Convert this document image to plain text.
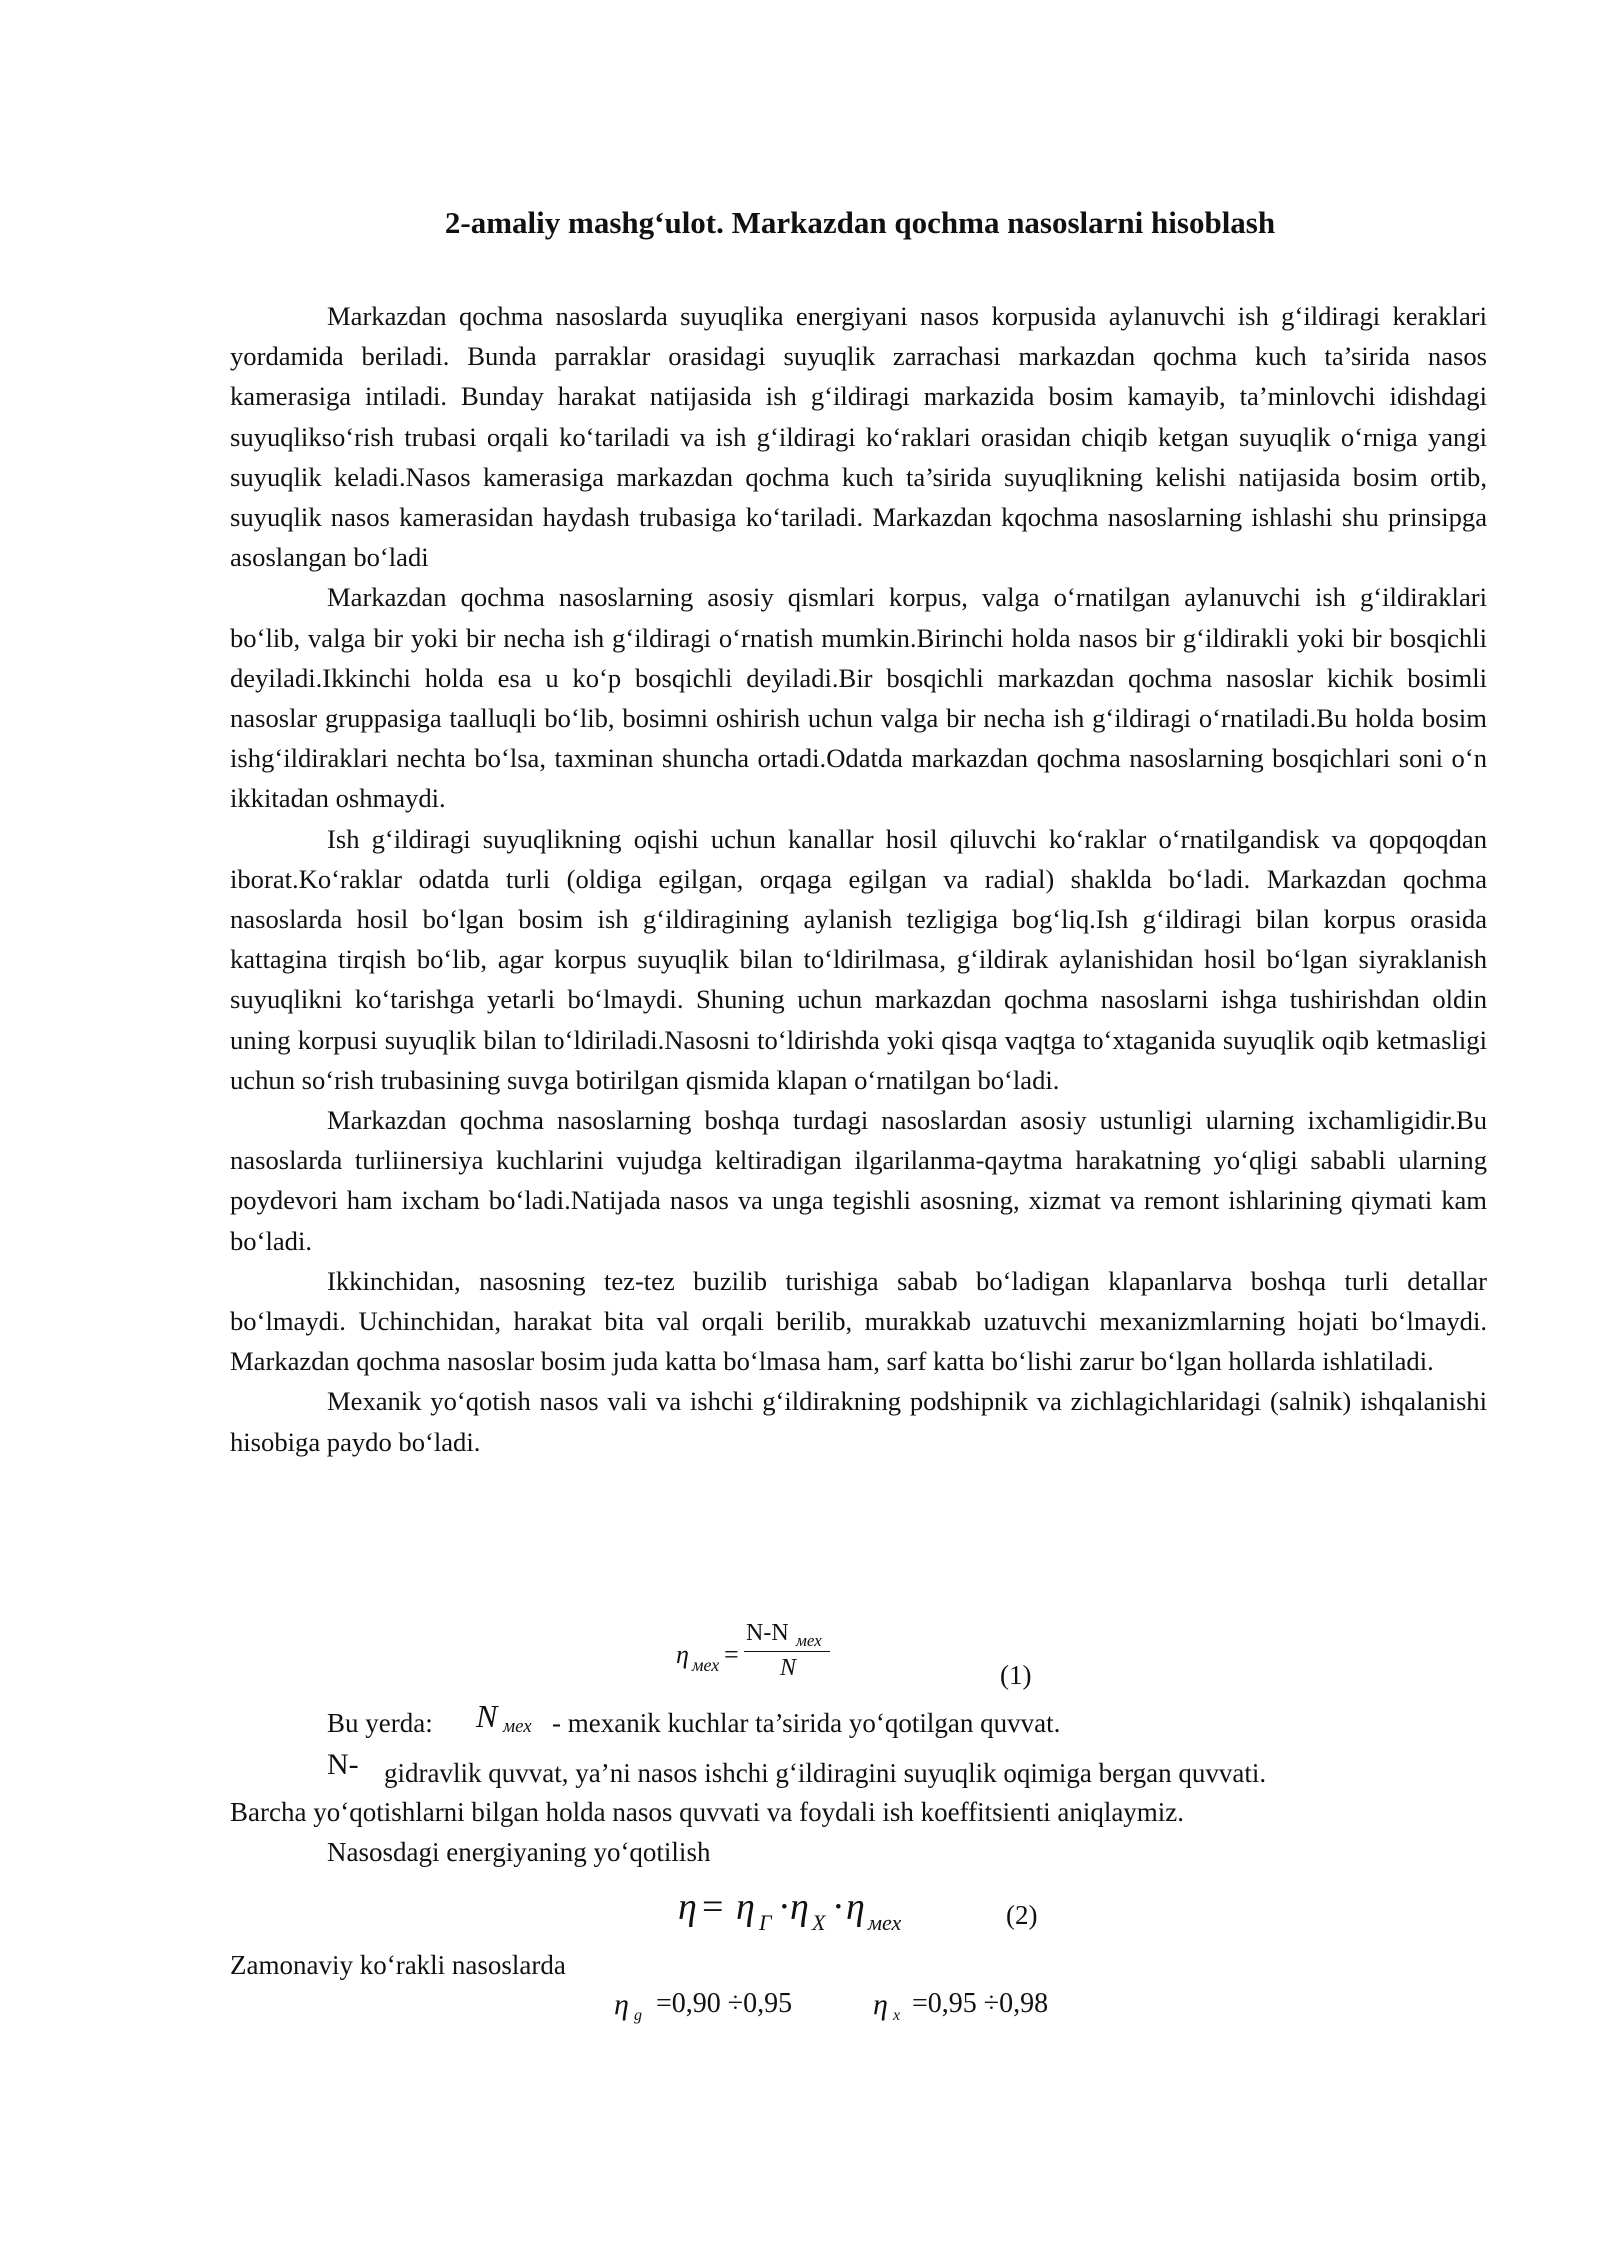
2-amaliy mashg‘ulot. Markazdan qochma nasoslarni hisoblash

Markazdan qochma nasoslarda suyuqlika energiyani nasos korpusida aylanuvchi ish g‘ildiragi keraklari yordamida beriladi. Bunda parraklar orasidagi suyuqlik zarrachasi markazdan qochma kuch ta’sirida nasos kamerasiga intiladi. Bunday harakat natijasida ish g‘ildiragi markazida bosim kamayib, ta’minlovchi idishdagi suyuqlikso‘rish trubasi orqali ko‘tariladi va ish g‘ildiragi ko‘raklari orasidan chiqib ketgan suyuqlik o‘rniga yangi suyuqlik keladi.Nasos kamerasiga markazdan qochma kuch ta’sirida suyuqlikning kelishi natijasida bosim ortib, suyuqlik nasos kamerasidan haydash trubasiga ko‘tariladi. Markazdan kqochma nasoslarning ishlashi shu prinsipga asoslangan bo‘ladi

Markazdan qochma nasoslarning asosiy qismlari korpus, valga o‘rnatilgan aylanuvchi ish g‘ildiraklari bo‘lib, valga bir yoki bir necha ish g‘ildiragi o‘rnatish mumkin.Birinchi holda nasos bir g‘ildirakli yoki bir bosqichli deyiladi.Ikkinchi holda esa u ko‘p bosqichli deyiladi.Bir bosqichli markazdan qochma nasoslar kichik bosimli nasoslar gruppasiga taalluqli bo‘lib, bosimni oshirish uchun valga bir necha ish g‘ildiragi o‘rnatiladi.Bu holda bosim ishg‘ildiraklari nechta bo‘lsa, taxminan shuncha ortadi.Odatda markazdan qochma nasoslarning bosqichlari soni o‘n ikkitadan oshmaydi.

Ish g‘ildiragi suyuqlikning oqishi uchun kanallar hosil qiluvchi ko‘raklar o‘rnatilgandisk va qopqoqdan iborat.Ko‘raklar odatda turli (oldiga egilgan, orqaga egilgan va radial) shaklda bo‘ladi. Markazdan qochma nasoslarda hosil bo‘lgan bosim ish g‘ildiragining aylanish tezligiga bog‘liq.Ish g‘ildiragi bilan korpus orasida kattagina tirqish bo‘lib, agar korpus suyuqlik bilan to‘ldirilmasa, g‘ildirak aylanishidan hosil bo‘lgan siyraklanish suyuqlikni ko‘tarishga yetarli bo‘lmaydi. Shuning uchun markazdan qochma nasoslarni ishga tushirishdan oldin uning korpusi suyuqlik bilan to‘ldiriladi.Nasosni to‘ldirishda yoki qisqa vaqtga to‘xtaganida suyuqlik oqib ketmasligi uchun so‘rish trubasining suvga botirilgan qismida klapan o‘rnatilgan bo‘ladi.

Markazdan qochma nasoslarning boshqa turdagi nasoslardan asosiy ustunligi ularning ixchamligidir.Bu nasoslarda turliinersiya kuchlarini vujudga keltiradigan ilgarilanma-qaytma harakatning yo‘qligi sababli ularning poydevori ham ixcham bo‘ladi.Natijada nasos va unga tegishli asosning, xizmat va remont ishlarining qiymati kam bo‘ladi.

Ikkinchidan, nasosning tez-tez buzilib turishiga sabab bo‘ladigan klapanlarva boshqa turli detallar bo‘lmaydi. Uchinchidan, harakat bita val orqali berilib, murakkab uzatuvchi mexanizmlarning hojati bo‘lmaydi. Markazdan qochma nasoslar bosim juda katta bo‘lmasa ham, sarf katta bo‘lishi zarur bo‘lgan hollarda ishlatiladi.

Mexanik yo‘qotish nasos vali va ishchi g‘ildirakning podshipnik va zichlagichlaridagi (salnik) ishqalanishi hisobiga paydo bo‘ladi.

η мех =
N-N мех
N	(1)
Bu yerda: N мех - mexanik kuchlar ta’sirida yo‘qotilgan quvvat.
N- gidravlik quvvat, ya’ni nasos ishchi g‘ildiragini suyuqlik oqimiga bergan quvvati.
Barcha yo‘qotishlarni bilgan holda nasos quvvati va foydali ish koeffitsienti aniqlaymiz.
Nasosdagi energiyaning yo‘qotilish
η = η Г · η Х · η мех	(2)
Zamonaviy ko‘rakli nasoslarda
η g =0,90 ÷0,95	η x =0,95 ÷0,98
